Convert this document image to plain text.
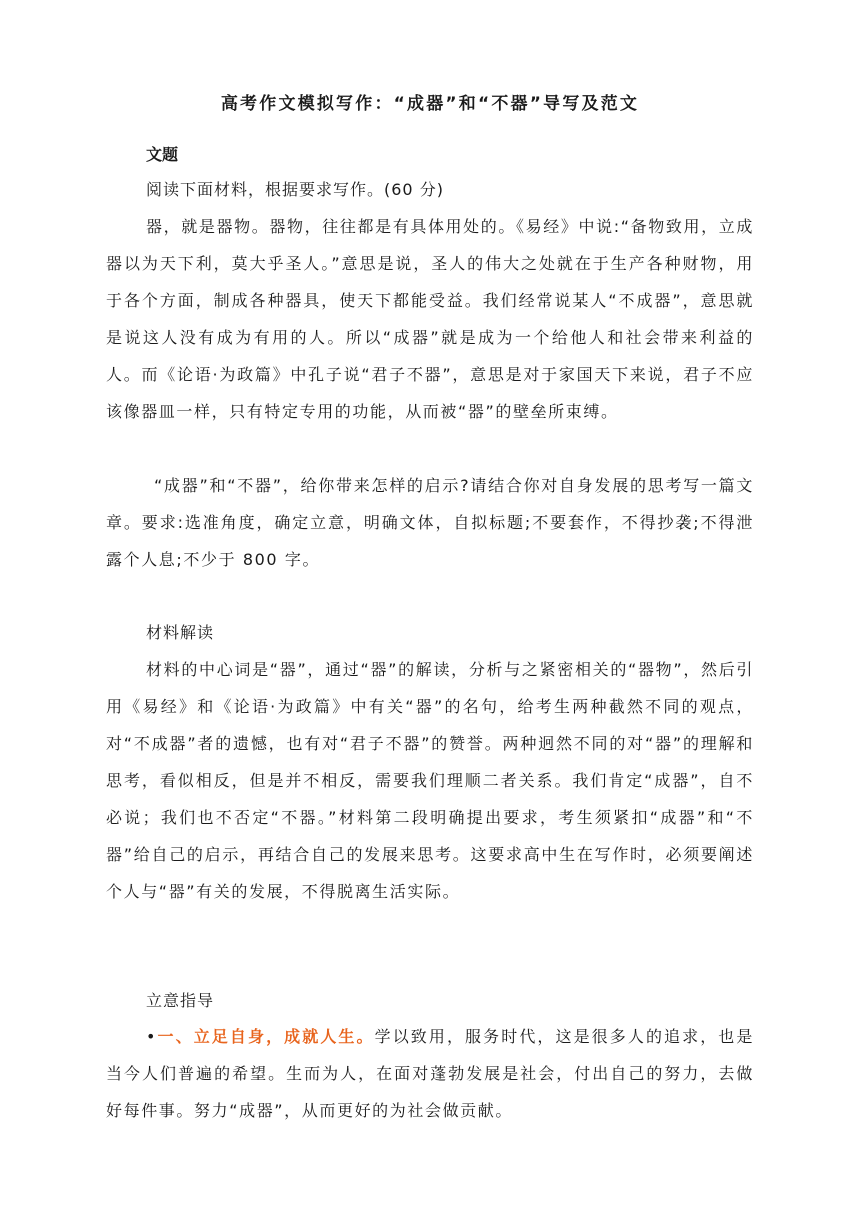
高考作文模拟写作：“成器”和“不器”导写及范文
文题
阅读下面材料，根据要求写作。(60 分)

器，就是器物。器物，往往都是有具体用处的。《易经》中说:“备物致用，立成器以为天下利，莫大乎圣人。”意思是说，圣人的伟大之处就在于生产各种财物，用于各个方面，制成各种器具，使天下都能受益。我们经常说某人“不成器”，意思就是说这人没有成为有用的人。所以“成器”就是成为一个给他人和社会带来利益的人。而《论语·为政篇》中孔子说“君子不器”，意思是对于家国天下来说，君子不应该像器皿一样，只有特定专用的功能，从而被“器”的壁垒所束缚。

“成器”和“不器”，给你带来怎样的启示?请结合你对自身发展的思考写一篇文章。要求:选准角度，确定立意，明确文体，自拟标题;不要套作，不得抄袭;不得泄露个人息;不少于 800 字。

材料解读

材料的中心词是“器”，通过“器”的解读，分析与之紧密相关的“器物”，然后引用《易经》和《论语·为政篇》中有关“器”的名句，给考生两种截然不同的观点，对“不成器”者的遗憾，也有对“君子不器”的赞誉。两种迥然不同的对“器”的理解和思考，看似相反，但是并不相反，需要我们理顺二者关系。我们肯定“成器”，自不必说；我们也不否定“不器。”材料第二段明确提出要求，考生须紧扣“成器”和“不器”给自己的启示，再结合自己的发展来思考。这要求高中生在写作时，必须要阐述个人与“器”有关的发展，不得脱离生活实际。

立意指导

•一、立足自身，成就人生。学以致用，服务时代，这是很多人的追求，也是当今人们普遍的希望。生而为人，在面对蓬勃发展是社会，付出自己的努力，去做好每件事。努力“成器”，从而更好的为社会做贡献。
